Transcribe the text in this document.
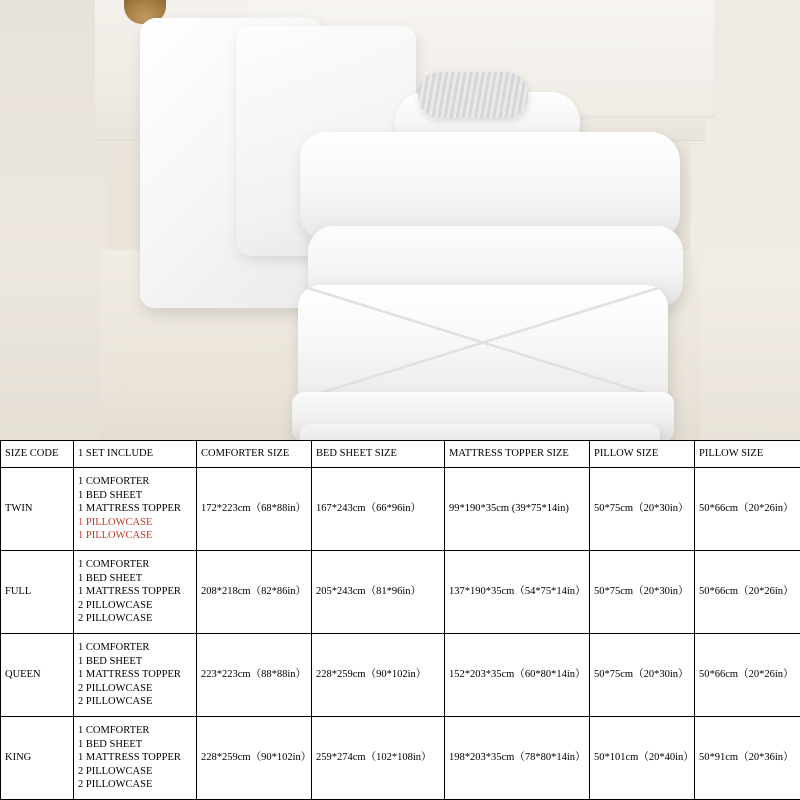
SIZE CODE	1 SET INCLUDE	COMFORTER SIZE	BED SHEET SIZE	MATTRESS TOPPER SIZE	PILLOW SIZE	PILLOW SIZE
TWIN	1 COMFORTER
1 BED SHEET
1 MATTRESS TOPPER
1 PILLOWCASE
1 PILLOWCASE	172*223cm（68*88in）	167*243cm（66*96in）	99*190*35cm (39*75*14in)	50*75cm（20*30in）	50*66cm（20*26in）
FULL	1 COMFORTER
1 BED SHEET
1 MATTRESS TOPPER
2 PILLOWCASE
2 PILLOWCASE	208*218cm（82*86in）	205*243cm（81*96in）	137*190*35cm（54*75*14in）	50*75cm（20*30in）	50*66cm（20*26in）
QUEEN	1 COMFORTER
1 BED SHEET
1 MATTRESS TOPPER
2 PILLOWCASE
2 PILLOWCASE	223*223cm（88*88in）	228*259cm（90*102in）	152*203*35cm（60*80*14in）	50*75cm（20*30in）	50*66cm（20*26in）
KING	1 COMFORTER
1 BED SHEET
1 MATTRESS TOPPER
2 PILLOWCASE
2 PILLOWCASE	228*259cm（90*102in）	259*274cm（102*108in）	198*203*35cm（78*80*14in）	50*101cm（20*40in）	50*91cm（20*36in）
